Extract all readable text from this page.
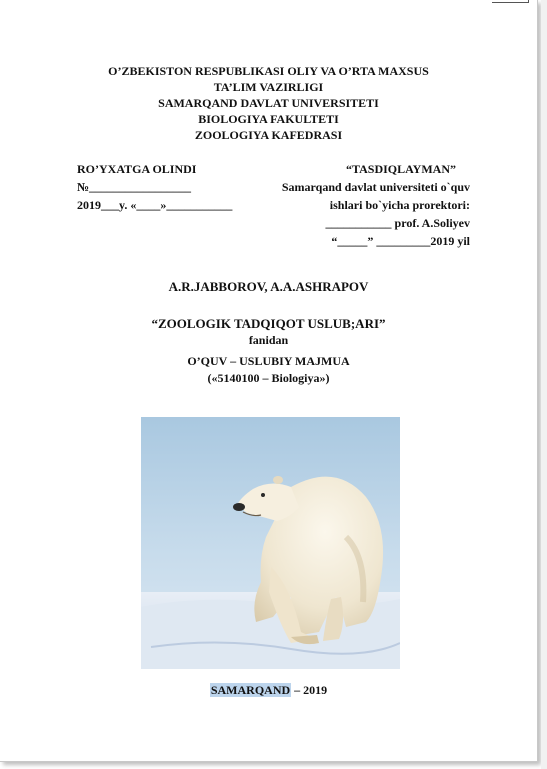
O’ZBEKISTON RESPUBLIKASI OLIY VA O’RTA MAXSUS
TA’LIM VAZIRLIGI
SAMARQAND DAVLAT UNIVERSITETI
BIOLOGIYA FAKULTETI
ZOOLOGIYA KAFEDRASI
RO’YXATGA OLINDI
№_________________
2019___y. «____»___________
“TASDIQLAYMAN”
Samarqand davlat universiteti o`quv
ishlari bo`yicha prorektori:
___________ prof. A.Soliyev
“_____” _________2019 yil
A.R.JABBOROV, A.A.ASHRAPOV
“ZOOLOGIK TADQIQOT USLUB;ARI”
fanidan
O’QUV – USLUBIY MAJMUA
(«5140100 – Biologiya»)
SAMARQAND – 2019
